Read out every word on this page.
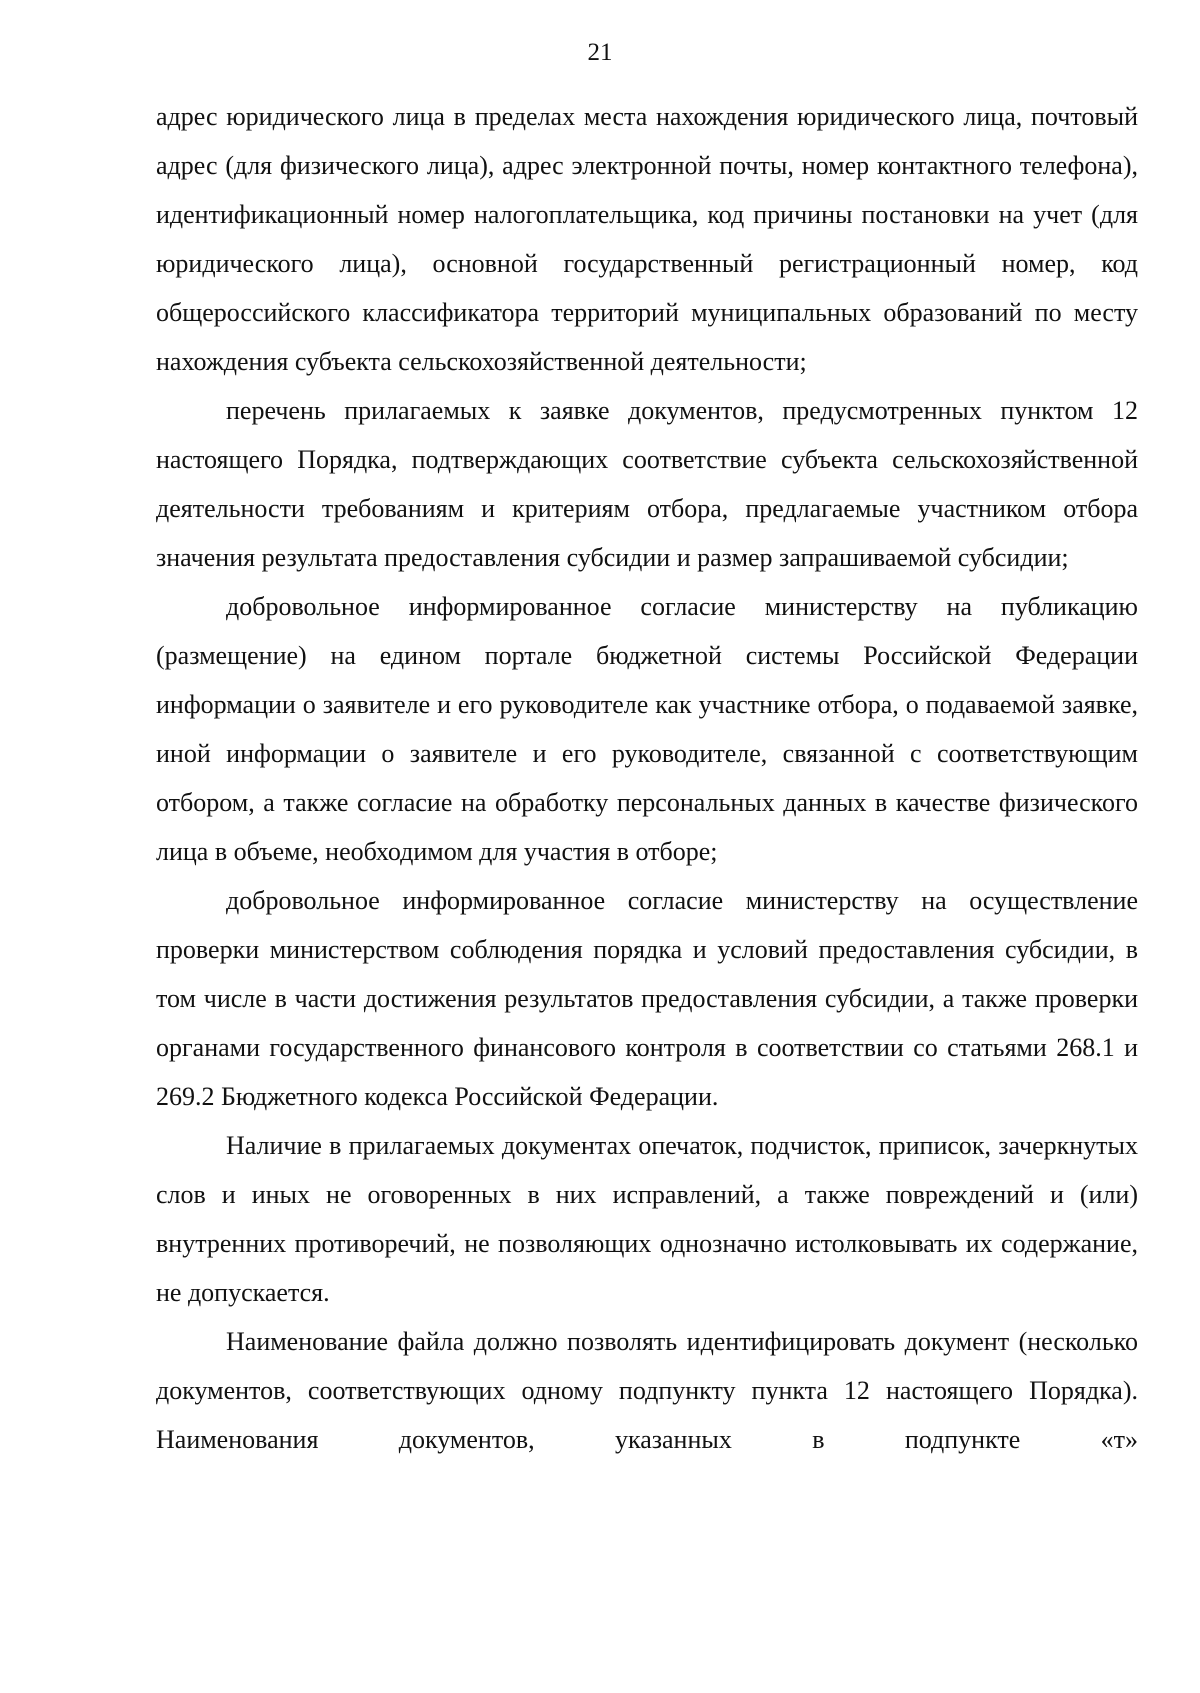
21

адрес юридического лица в пределах места нахождения юридического лица, почтовый адрес (для физического лица), адрес электронной почты, номер контактного телефона), идентификационный номер налогоплательщика, код причины постановки на учет (для юридического лица), основной государственный регистрационный номер, код общероссийского классификатора территорий муниципальных образований по месту нахождения субъекта сельскохозяйственной деятельности;

перечень прилагаемых к заявке документов, предусмотренных пунктом 12 настоящего Порядка, подтверждающих соответствие субъекта сельскохозяйственной деятельности требованиям и критериям отбора, предлагаемые участником отбора значения результата предоставления субсидии и размер запрашиваемой субсидии;

добровольное информированное согласие министерству на публикацию (размещение) на едином портале бюджетной системы Российской Федерации информации о заявителе и его руководителе как участнике отбора, о подаваемой заявке, иной информации о заявителе и его руководителе, связанной с соответствующим отбором, а также согласие на обработку персональных данных в качестве физического лица в объеме, необходимом для участия в отборе;

добровольное информированное согласие министерству на осуществление проверки министерством соблюдения порядка и условий предоставления субсидии, в том числе в части достижения результатов предоставления субсидии, а также проверки органами государственного финансового контроля в соответствии со статьями 268.1 и 269.2 Бюджетного кодекса Российской Федерации.

Наличие в прилагаемых документах опечаток, подчисток, приписок, зачеркнутых слов и иных не оговоренных в них исправлений, а также повреждений и (или) внутренних противоречий, не позволяющих однозначно истолковывать их содержание, не допускается.

Наименование файла должно позволять идентифицировать документ (несколько документов, соответствующих одному подпункту пункта 12 настоящего Порядка). Наименования документов, указанных в подпункте «т»
